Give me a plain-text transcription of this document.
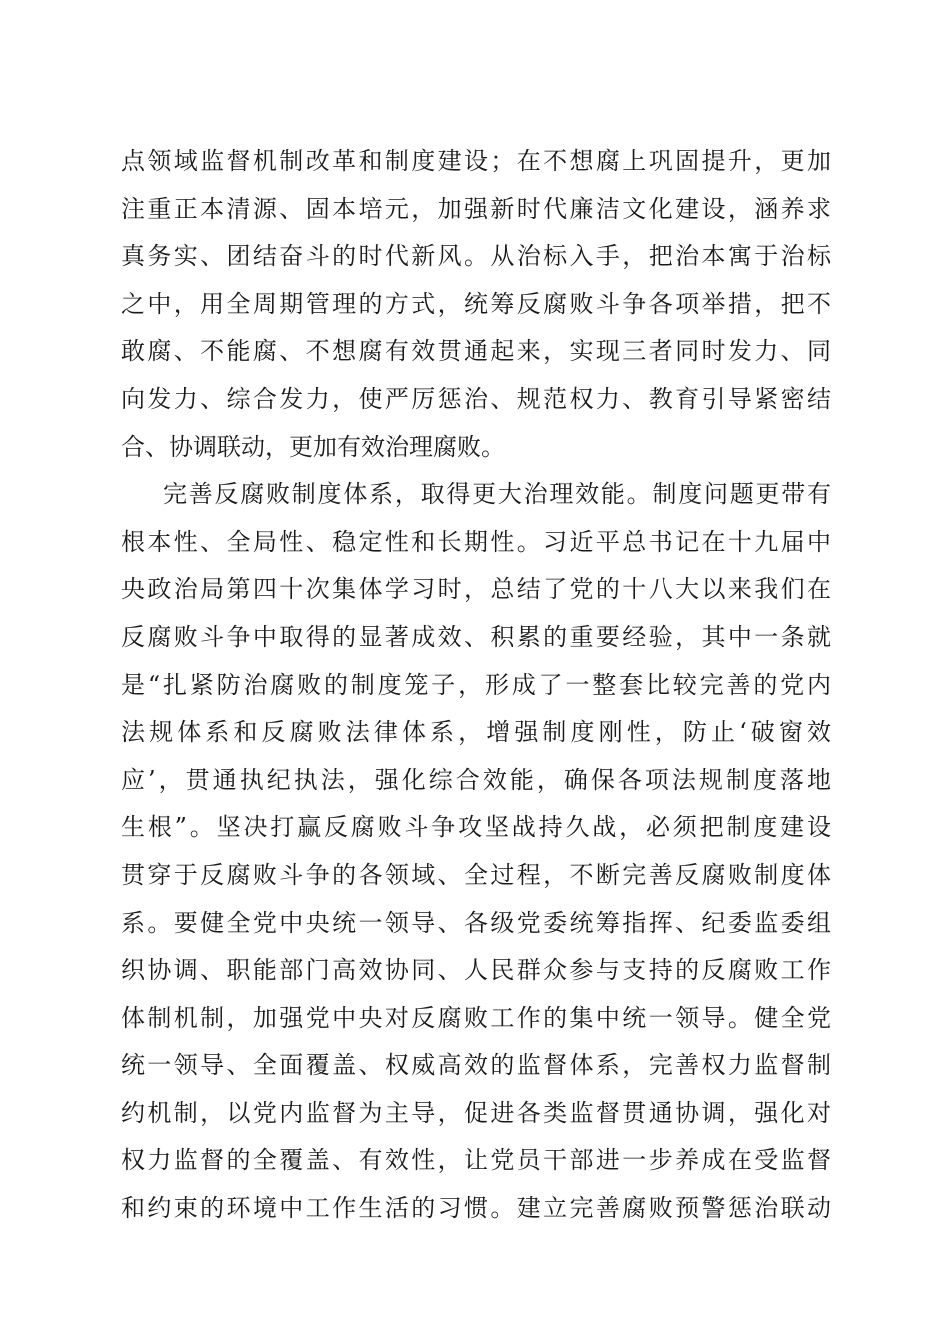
点领域监督机制改革和制度建设；在不想腐上巩固提升，更加
注重正本清源、固本培元，加强新时代廉洁文化建设，涵养求
真务实、团结奋斗的时代新风。从治标入手，把治本寓于治标
之中，用全周期管理的方式，统筹反腐败斗争各项举措，把不
敢腐、不能腐、不想腐有效贯通起来，实现三者同时发力、同
向发力、综合发力，使严厉惩治、规范权力、教育引导紧密结
合、协调联动，更加有效治理腐败。
完善反腐败制度体系，取得更大治理效能。制度问题更带有
根本性、全局性、稳定性和长期性。习近平总书记在十九届中
央政治局第四十次集体学习时，总结了党的十八大以来我们在
反腐败斗争中取得的显著成效、积累的重要经验，其中一条就
是“扎紧防治腐败的制度笼子，形成了一整套比较完善的党内
法规体系和反腐败法律体系，增强制度刚性，防止‘破窗效
应’，贯通执纪执法，强化综合效能，确保各项法规制度落地
生根”。坚决打赢反腐败斗争攻坚战持久战，必须把制度建设
贯穿于反腐败斗争的各领域、全过程，不断完善反腐败制度体
系。要健全党中央统一领导、各级党委统筹指挥、纪委监委组
织协调、职能部门高效协同、人民群众参与支持的反腐败工作
体制机制，加强党中央对反腐败工作的集中统一领导。健全党
统一领导、全面覆盖、权威高效的监督体系，完善权力监督制
约机制，以党内监督为主导，促进各类监督贯通协调，强化对
权力监督的全覆盖、有效性，让党员干部进一步养成在受监督
和约束的环境中工作生活的习惯。建立完善腐败预警惩治联动
